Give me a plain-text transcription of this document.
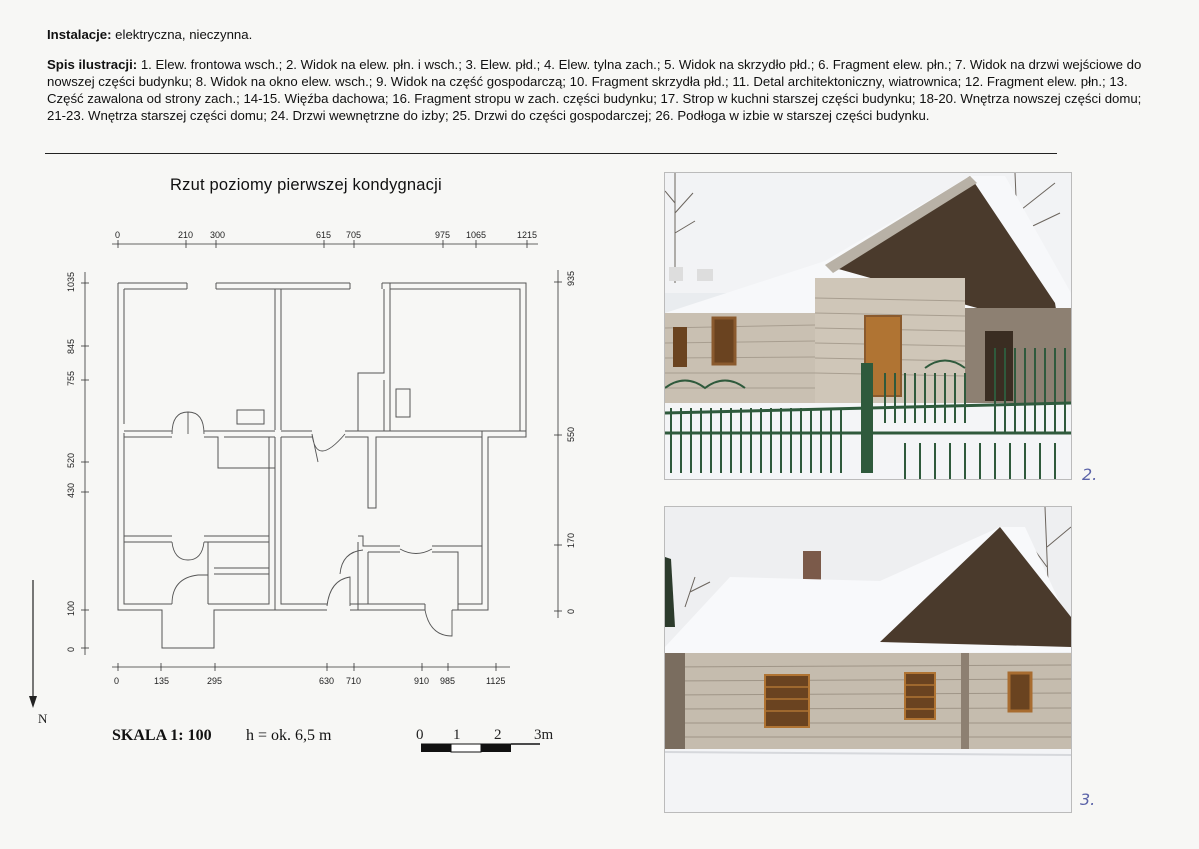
Instalacje: elektryczna, nieczynna.

Spis ilustracji: 1. Elew. frontowa wsch.; 2. Widok na elew. płn. i wsch.; 3. Elew. płd.; 4. Elew. tylna zach.; 5. Widok na skrzydło płd.; 6. Fragment elew. płn.; 7. Widok na drzwi wejściowe do nowszej części budynku; 8. Widok na okno elew. wsch.; 9. Widok na część gospodarczą; 10. Fragment skrzydła płd.; 11. Detal architektoniczny, wiatrownica; 12. Fragment elew. płn.; 13. Część zawalona od strony zach.; 14-15. Więźba dachowa; 16. Fragment stropu w zach. części budynku; 17. Strop w kuchni starszej części budynku; 18-20. Wnętrza nowszej części domu; 21-23. Wnętrza starszej części domu; 24. Drzwi wewnętrzne do izby; 25. Drzwi do części gospodarczej; 26. Podłoga w izbie w starszej części budynku.

Rzut poziomy pierwszej kondygnacji
0	210 300	615 705	975 1065	1215
0	135	295	630 710	910 985	1125
1035
845
755
520
430
100
0
935
550
170
0
N
0 1 2 3m
SKALA 1: 100 h = ok. 6,5 m
2.
3.
